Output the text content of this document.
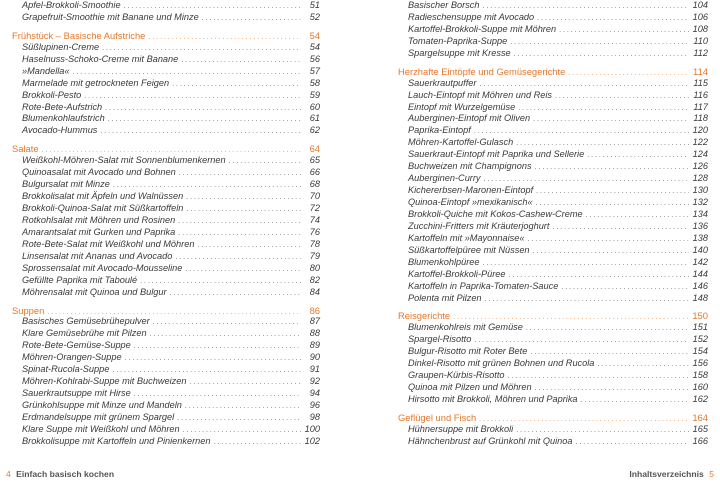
Apfel-Brokkoli-Smoothie . . .	51
Grapefruit-Smoothie mit Banane und Minze . . .	52
Frühstück – Basische Aufstriche . . .	54
Süßlupinen-Creme . . .	54
Haselnuss-Schoko-Creme mit Banane . . .	56
»Mandella« . . .	57
Marmelade mit getrockneten Feigen . . .	58
Brokkoli-Pesto . . .	59
Rote-Bete-Aufstrich . . .	60
Blumenkohlaufstrich . . .	61
Avocado-Hummus . . .	62
Salate . . .	64
Weißkohl-Möhren-Salat mit Sonnenblumenkernen . . .	65
Quinoasalat mit Avocado und Bohnen . . .	66
Bulgursalat mit Minze . . .	68
Brokkolisalat mit Äpfeln und Walnüssen . . .	70
Brokkoli-Quinoa-Salat mit Süßkartoffeln . . .	72
Rotkohlsalat mit Möhren und Rosinen . . .	74
Amarantsalat mit Gurken und Paprika . . .	76
Rote-Bete-Salat mit Weißkohl und Möhren . . .	78
Linsensalat mit Ananas und Avocado . . .	79
Sprossensalat mit Avocado-Mousseline . . .	80
Gefüllte Paprika mit Taboulé . . .	82
Möhrensalat mit Quinoa und Bulgur . . .	84
Suppen . . .	86
Basisches Gemüsebrühepulver . . .	87
Klare Gemüsebrühe mit Pilzen . . .	88
Rote-Bete-Gemüse-Suppe . . .	89
Möhren-Orangen-Suppe . . .	90
Spinat-Rucola-Suppe . . .	91
Möhren-Kohlrabi-Suppe mit Buchweizen . . .	92
Sauerkrautsuppe mit Hirse . . .	94
Grünkohlsuppe mit Minze und Mandeln . . .	96
Erdmandelsuppe mit grünem Spargel . . .	98
Klare Suppe mit Weißkohl und Möhren . . .	100
Brokkolisuppe mit Kartoffeln und Pinienkernen . . .	102
Basischer Borsch . . .	104
Radieschensuppe mit Avocado . . .	106
Kartoffel-Brokkoli-Suppe mit Möhren . . .	108
Tomaten-Paprika-Suppe . . .	110
Spargelsuppe mit Kresse . . .	112
Herzhafte Eintöpfe und Gemüsegerichte . . .	114
Sauerkrautpuffer . . .	115
Lauch-Eintopf mit Möhren und Reis . . .	116
Eintopf mit Wurzelgemüse . . .	117
Auberginen-Eintopf mit Oliven . . .	118
Paprika-Eintopf . . .	120
Möhren-Kartoffel-Gulasch . . .	122
Sauerkraut-Eintopf mit Paprika und Sellerie . . .	124
Buchweizen mit Champignons . . .	126
Auberginen-Curry . . .	128
Kichererbsen-Maronen-Eintopf . . .	130
Quinoa-Eintopf »mexikanisch« . . .	132
Brokkoli-Quiche mit Kokos-Cashew-Creme . . .	134
Zucchini-Fritters mit Kräuterjoghurt . . .	136
Kartoffeln mit »Mayonnaise« . . .	138
Süßkartoffelpüree mit Nüssen . . .	140
Blumenkohlpüree . . .	142
Kartoffel-Brokkoli-Püree . . .	144
Kartoffeln in Paprika-Tomaten-Sauce . . .	146
Polenta mit Pilzen . . .	148
Reisgerichte . . .	150
Blumenkohlreis mit Gemüse . . .	151
Spargel-Risotto . . .	152
Bulgur-Risotto mit Roter Bete . . .	154
Dinkel-Risotto mit grünen Bohnen und Rucola . . .	156
Graupen-Kürbis-Risotto . . .	158
Quinoa mit Pilzen und Möhren . . .	160
Hirsotto mit Brokkoli, Möhren und Paprika . . .	162
Geflügel und Fisch . . .	164
Hühnersuppe mit Brokkoli . . .	165
Hähnchenbrust auf Grünkohl mit Quinoa . . .	166
4 Einfach basisch kochen	Inhaltsverzeichnis 5
